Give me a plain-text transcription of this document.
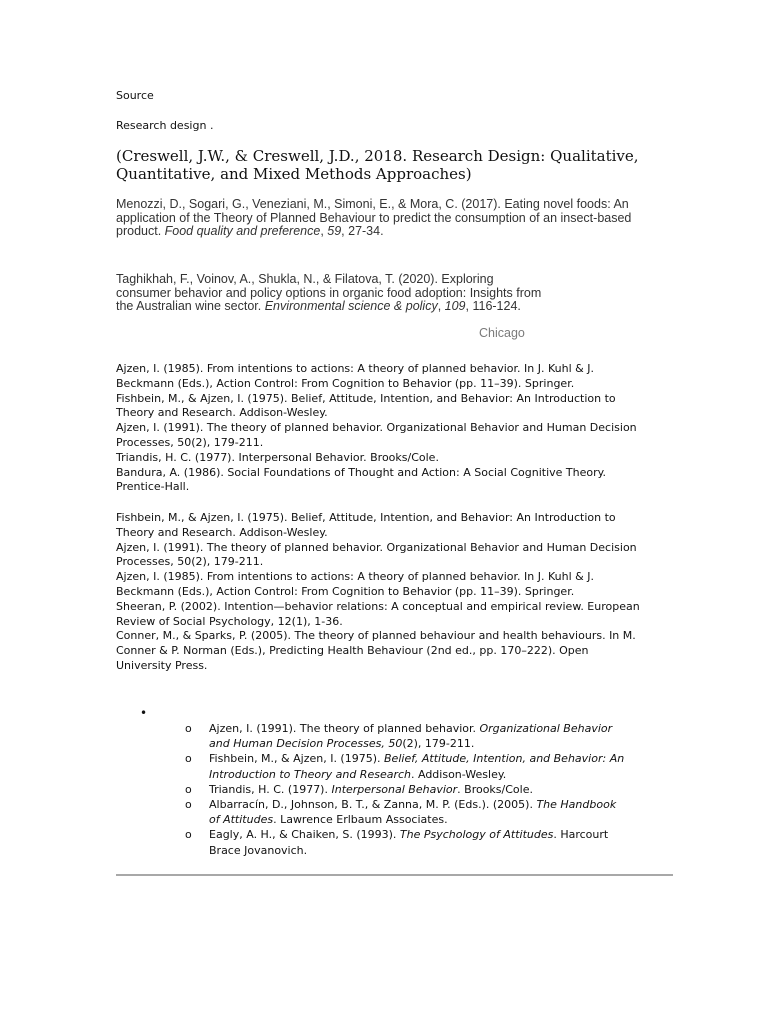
Source
Research design .
(Creswell, J.W., & Creswell, J.D., 2018. Research Design: Qualitative, Quantitative, and Mixed Methods Approaches)
Menozzi, D., Sogari, G., Veneziani, M., Simoni, E., & Mora, C. (2017). Eating novel foods: An application of the Theory of Planned Behaviour to predict the consumption of an insect-based product. Food quality and preference, 59, 27-34.
Taghikhah, F., Voinov, A., Shukla, N., & Filatova, T. (2020). Exploring
consumer behavior and policy options in organic food adoption: Insights from
the Australian wine sector. Environmental science & policy, 109, 116-124.
Chicago
Ajzen, I. (1985). From intentions to actions: A theory of planned behavior. In J. Kuhl & J. Beckmann (Eds.), Action Control: From Cognition to Behavior (pp. 11–39). Springer.
Fishbein, M., & Ajzen, I. (1975). Belief, Attitude, Intention, and Behavior: An Introduction to Theory and Research. Addison-Wesley.
Ajzen, I. (1991). The theory of planned behavior. Organizational Behavior and Human Decision Processes, 50(2), 179-211.
Triandis, H. C. (1977). Interpersonal Behavior. Brooks/Cole.
Bandura, A. (1986). Social Foundations of Thought and Action: A Social Cognitive Theory. Prentice-Hall.
Fishbein, M., & Ajzen, I. (1975). Belief, Attitude, Intention, and Behavior: An Introduction to Theory and Research. Addison-Wesley.
Ajzen, I. (1991). The theory of planned behavior. Organizational Behavior and Human Decision Processes, 50(2), 179-211.
Ajzen, I. (1985). From intentions to actions: A theory of planned behavior. In J. Kuhl & J. Beckmann (Eds.), Action Control: From Cognition to Behavior (pp. 11–39). Springer.
Sheeran, P. (2002). Intention—behavior relations: A conceptual and empirical review. European Review of Social Psychology, 12(1), 1-36.
Conner, M., & Sparks, P. (2005). The theory of planned behaviour and health behaviours. In M. Conner & P. Norman (Eds.), Predicting Health Behaviour (2nd ed., pp. 170–222). Open University Press.
•
o Ajzen, I. (1991). The theory of planned behavior. Organizational Behavior and Human Decision Processes, 50(2), 179-211.
o Fishbein, M., & Ajzen, I. (1975). Belief, Attitude, Intention, and Behavior: An Introduction to Theory and Research. Addison-Wesley.
o Triandis, H. C. (1977). Interpersonal Behavior. Brooks/Cole.
o Albarracín, D., Johnson, B. T., & Zanna, M. P. (Eds.). (2005). The Handbook of Attitudes. Lawrence Erlbaum Associates.
o Eagly, A. H., & Chaiken, S. (1993). The Psychology of Attitudes. Harcourt Brace Jovanovich.
